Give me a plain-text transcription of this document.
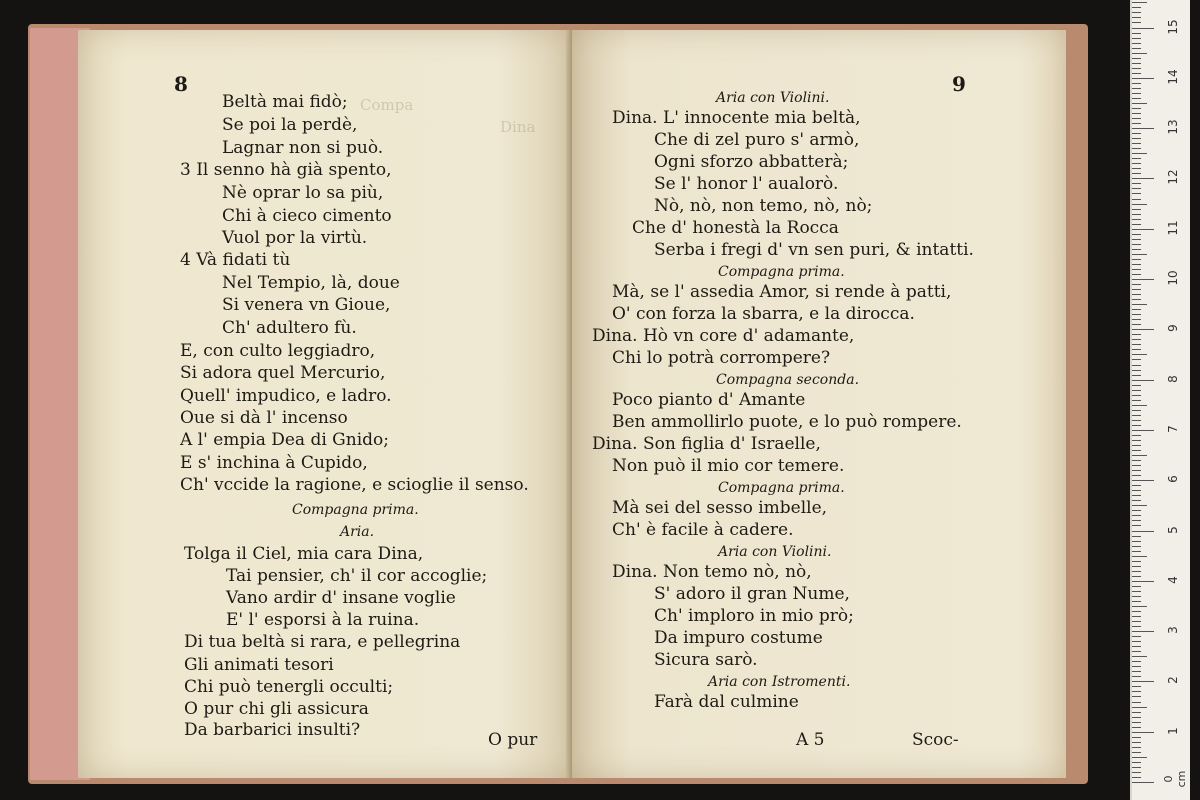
Compa
Dina
8
Beltà mai fidò;
Se poi la perdè,
Lagnar non si può.
3 Il senno hà già spento,
Nè oprar lo sa più,
Chi à cieco cimento
Vuol por la virtù.
4 Và fidati tù
Nel Tempio, là, doue
Si venera vn Gioue,
Ch' adultero fù.
E, con culto leggiadro,
Si adora quel Mercurio,
Quell' impudico, e ladro.
Oue si dà l' incenso
A l' empia Dea di Gnido;
E s' inchina à Cupido,
Ch' vccide la ragione, e scioglie il senso.
Compagna prima.
Aria.
Tolga il Ciel, mia cara Dina,
Tai pensier, ch' il cor accoglie;
Vano ardir d' insane voglie
E' l' esporsi à la ruina.
Di tua beltà si rara, e pellegrina
Gli animati tesori
Chi può tenergli occulti;
O pur chi gli assicura
Da barbarici insulti?	O pur
9
Aria con Violini.
Dina. L' innocente mia beltà,
Che di zel puro s' armò,
Ogni sforzo abbatterà;
Se l' honor l' aualorò.
Nò, nò, non temo, nò, nò;
Che d' honestà la Rocca
Serba i fregi d' vn sen puri, & intatti.
Compagna prima.
Mà, se l' assedia Amor, si rende à patti,
O' con forza la sbarra, e la dirocca.
Dina. Hò vn core d' adamante,
Chi lo potrà corrompere?
Compagna seconda.
Poco pianto d' Amante
Ben ammollirlo puote, e lo può rompere.
Dina. Son figlia d' Israelle,
Non può il mio cor temere.
Compagna prima.
Mà sei del sesso imbelle,
Ch' è facile à cadere.
Aria con Violini.
Dina. Non temo nò, nò,
S' adoro il gran Nume,
Ch' imploro in mio prò;
Da impuro costume
Sicura sarò.
Aria con Istromenti.
Farà dal culmine
A 5	Scoc-
0 cm
1
2
3
4
5
6
7
8
9
10
11
12
13
14
15
